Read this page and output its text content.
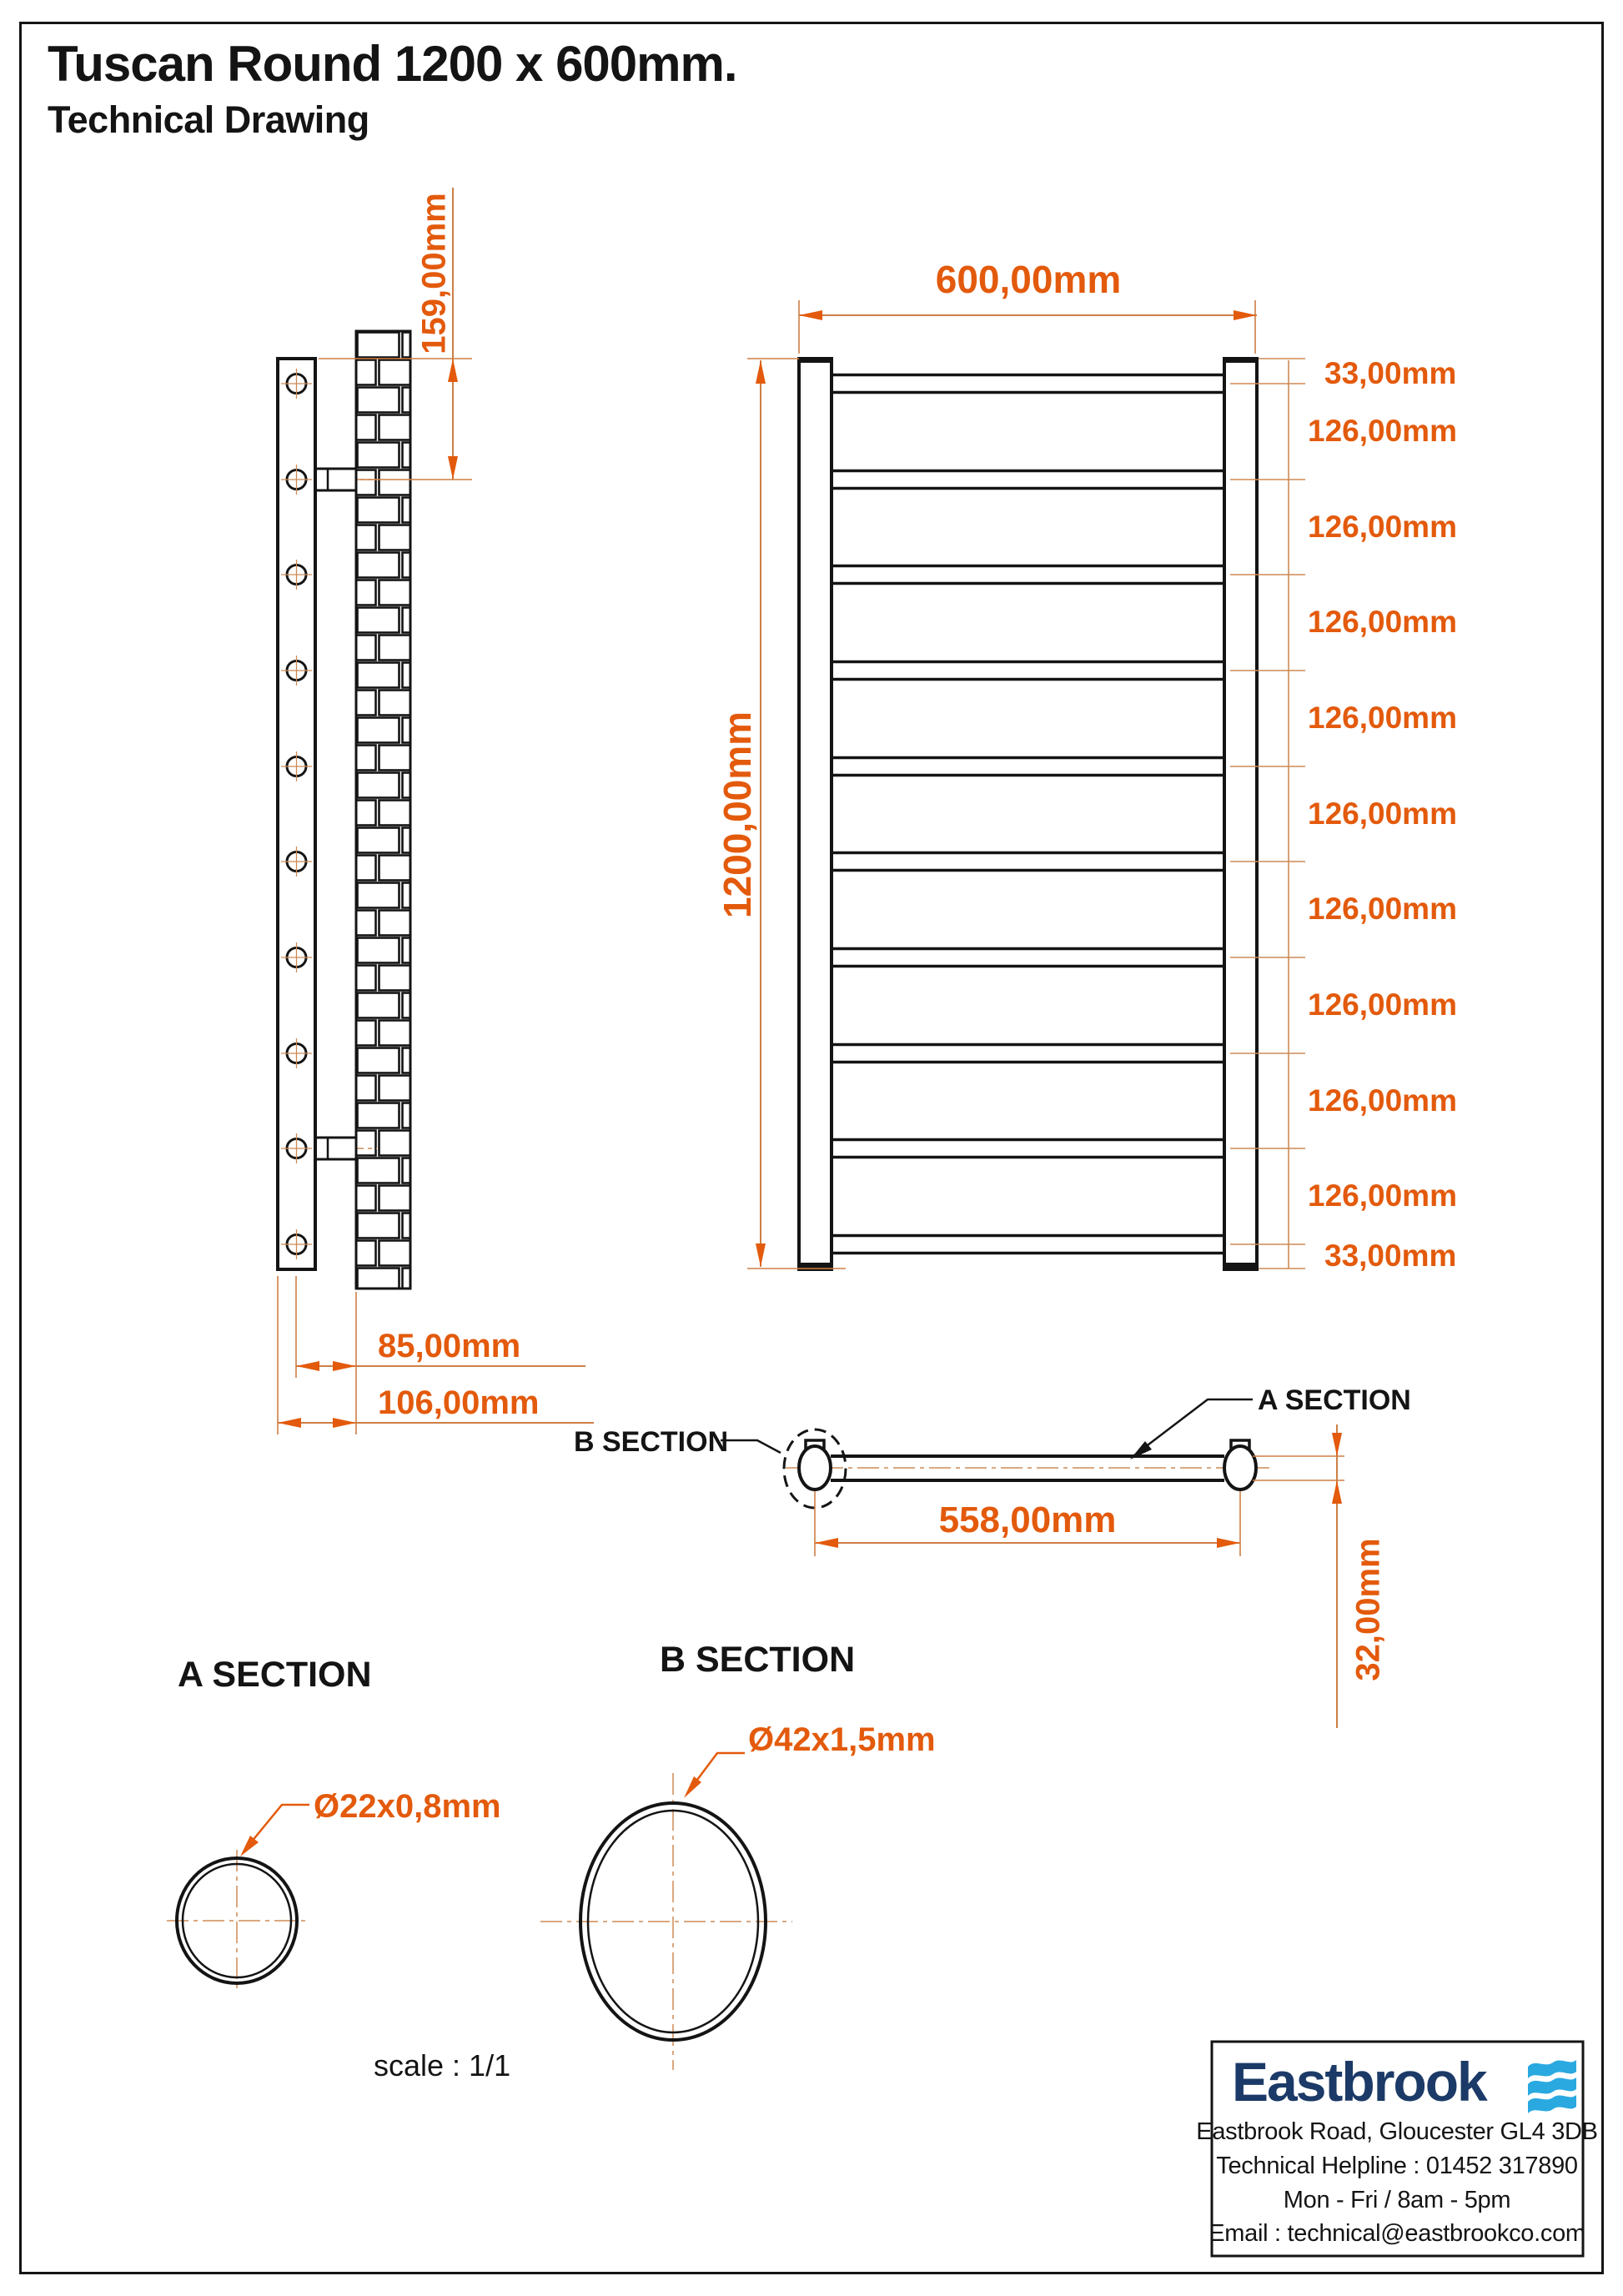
Tuscan Round 1200 x 600mm.
Technical Drawing
159,00mm
85,00mm
106,00mm
600,00mm
1200,00mm
33,00mm
126,00mm
126,00mm
126,00mm
126,00mm
126,00mm
126,00mm
126,00mm
126,00mm
126,00mm
33,00mm
B SECTION
A SECTION
558,00mm
32,00mm
A SECTION	B SECTION
Ø22x0,8mm
Ø42x1,5mm
scale : 1/1	Eastbrook
Eastbrook Road, Gloucester GL4 3DB
Technical Helpline : 01452 317890
Mon - Fri / 8am - 5pm
Email : technical@eastbrookco.com
